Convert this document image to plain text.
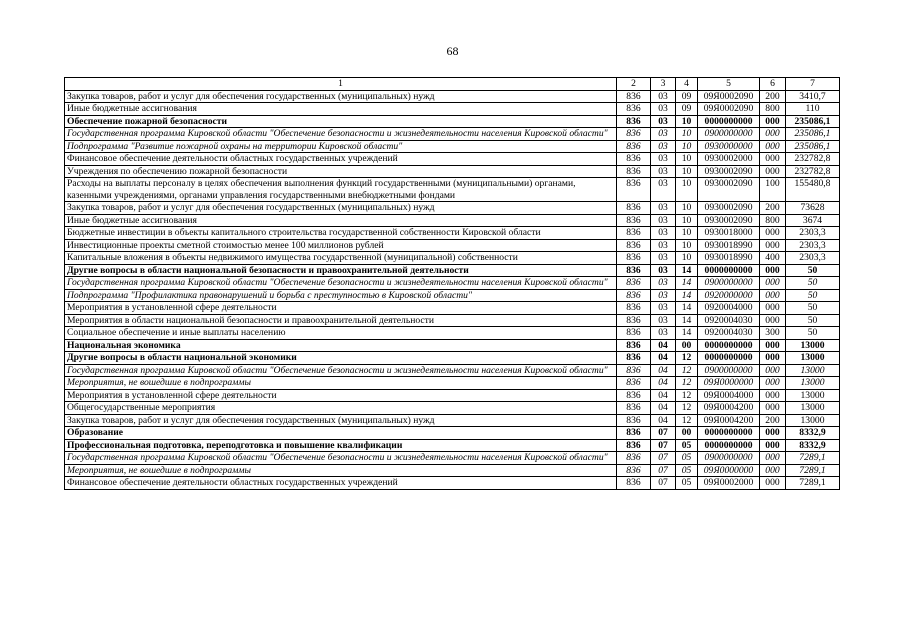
68
1	2	3	4	5	6	7
Закупка товаров, работ и услуг для обеспечения государственных (муниципальных) нужд	836	03	09	09Я0002090	200	3410,7
Иные бюджетные ассигнования	836	03	09	09Я0002090	800	110
Обеспечение пожарной безопасности	836	03	10	0000000000	000	235086,1
Государственная программа Кировской области "Обеспечение безопасности и жизнедеятельности населения Кировской области"	836	03	10	0900000000	000	235086,1
Подпрограмма "Развитие пожарной охраны на территории Кировской области"	836	03	10	0930000000	000	235086,1
Финансовое обеспечение деятельности областных государственных учреждений	836	03	10	0930002000	000	232782,8
Учреждения по обеспечению пожарной безопасности	836	03	10	0930002090	000	232782,8
Расходы на выплаты персоналу в целях обеспечения выполнения функций государственными (муниципальными) органами, казенными учреждениями, органами управления государственными внебюджетными фондами	836	03	10	0930002090	100	155480,8
Закупка товаров, работ и услуг для обеспечения государственных (муниципальных) нужд	836	03	10	0930002090	200	73628
Иные бюджетные ассигнования	836	03	10	0930002090	800	3674
Бюджетные инвестиции в объекты капитального строительства государственной собственности Кировской области	836	03	10	0930018000	000	2303,3
Инвестиционные проекты сметной стоимостью менее 100 миллионов рублей	836	03	10	0930018990	000	2303,3
Капитальные вложения в объекты недвижимого имущества государственной (муниципальной) собственности	836	03	10	0930018990	400	2303,3
Другие вопросы в области национальной безопасности и правоохранительной деятельности	836	03	14	0000000000	000	50
Государственная программа Кировской области "Обеспечение безопасности и жизнедеятельности населения Кировской области"	836	03	14	0900000000	000	50
Подпрограмма "Профилактика правонарушений и борьба с преступностью в Кировской области"	836	03	14	0920000000	000	50
Мероприятия в установленной сфере деятельности	836	03	14	0920004000	000	50
Мероприятия в области национальной безопасности и правоохранительной деятельности	836	03	14	0920004030	000	50
Социальное обеспечение и иные выплаты населению	836	03	14	0920004030	300	50
Национальная экономика	836	04	00	0000000000	000	13000
Другие вопросы в области национальной экономики	836	04	12	0000000000	000	13000
Государственная программа Кировской области "Обеспечение безопасности и жизнедеятельности населения Кировской области"	836	04	12	0900000000	000	13000
Мероприятия, не вошедшие в подпрограммы	836	04	12	09Я0000000	000	13000
Мероприятия в установленной сфере деятельности	836	04	12	09Я0004000	000	13000
Общегосударственные мероприятия	836	04	12	09Я0004200	000	13000
Закупка товаров, работ и услуг для обеспечения государственных (муниципальных) нужд	836	04	12	09Я0004200	200	13000
Образование	836	07	00	0000000000	000	8332,9
Профессиональная подготовка, переподготовка и повышение квалификации	836	07	05	0000000000	000	8332,9
Государственная программа Кировской области "Обеспечение безопасности и жизнедеятельности населения Кировской области"	836	07	05	0900000000	000	7289,1
Мероприятия, не вошедшие в подпрограммы	836	07	05	09Я0000000	000	7289,1
Финансовое обеспечение деятельности областных государственных учреждений	836	07	05	09Я0002000	000	7289,1
